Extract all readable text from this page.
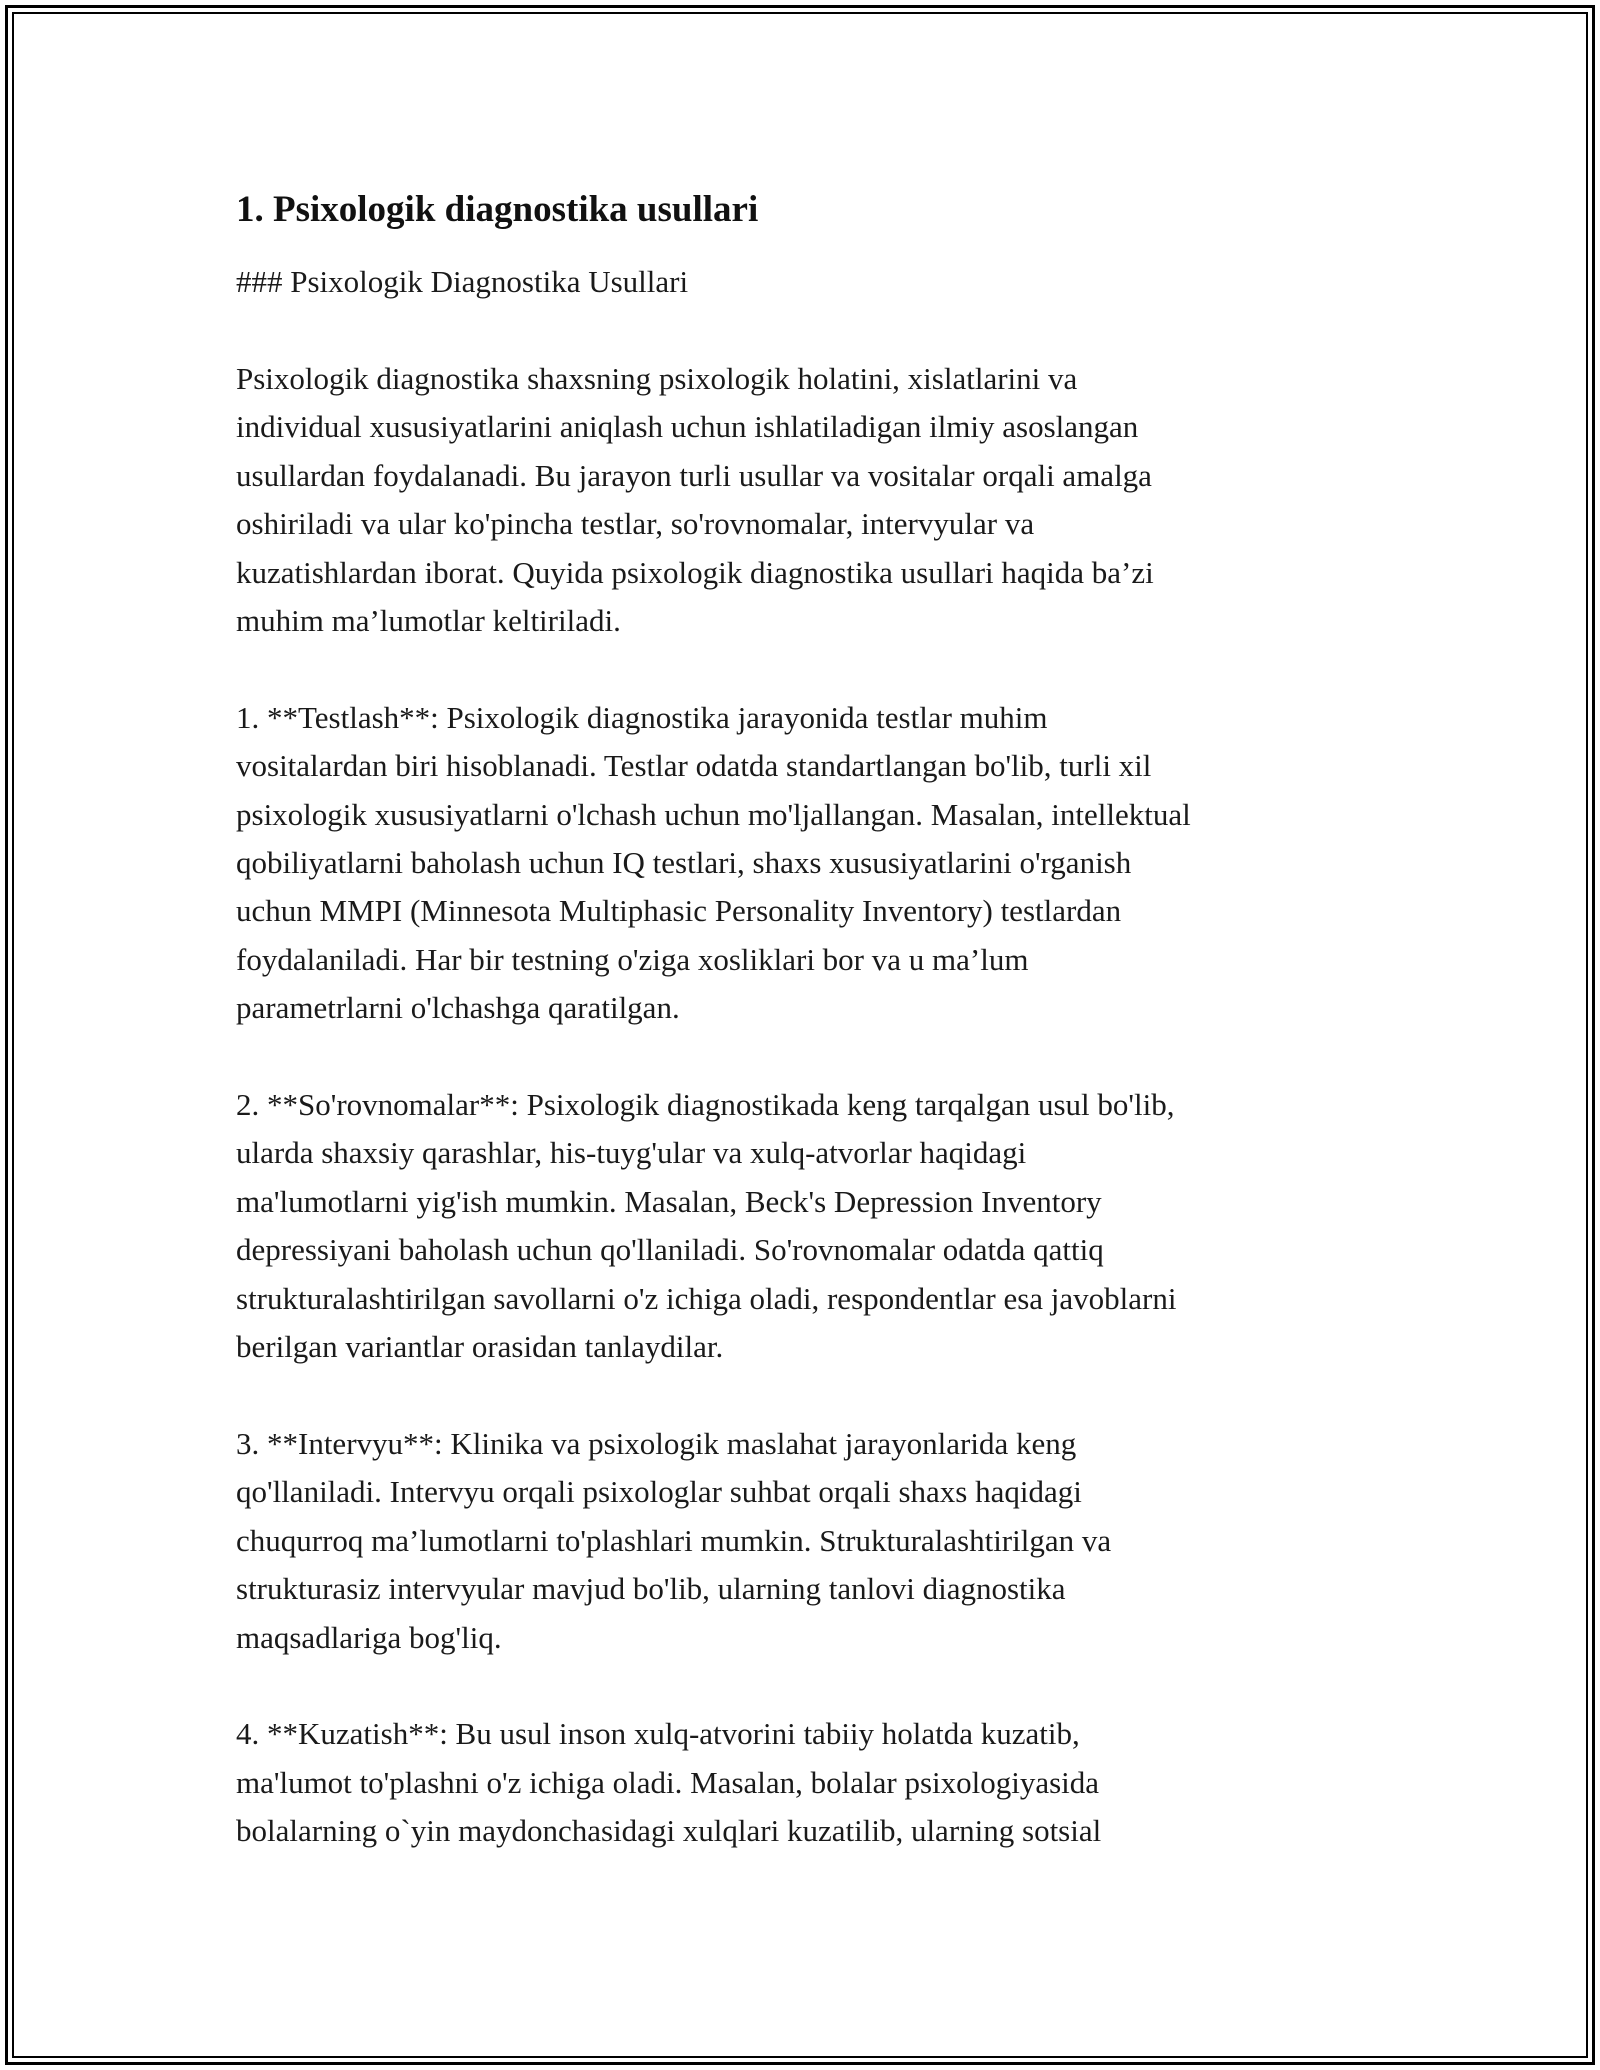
1. Psixologik diagnostika usullari
### Psixologik Diagnostika Usullari
Psixologik diagnostika shaxsning psixologik holatini, xislatlarini va
individual xususiyatlarini aniqlash uchun ishlatiladigan ilmiy asoslangan
usullardan foydalanadi. Bu jarayon turli usullar va vositalar orqali amalga
oshiriladi va ular ko'pincha testlar, so'rovnomalar, intervyular va
kuzatishlardan iborat. Quyida psixologik diagnostika usullari haqida ba’zi
muhim ma’lumotlar keltiriladi.
1. **Testlash**: Psixologik diagnostika jarayonida testlar muhim
vositalardan biri hisoblanadi. Testlar odatda standartlangan bo'lib, turli xil
psixologik xususiyatlarni o'lchash uchun mo'ljallangan. Masalan, intellektual
qobiliyatlarni baholash uchun IQ testlari, shaxs xususiyatlarini o'rganish
uchun MMPI (Minnesota Multiphasic Personality Inventory) testlardan
foydalaniladi. Har bir testning o'ziga xosliklari bor va u ma’lum
parametrlarni o'lchashga qaratilgan.
2. **So'rovnomalar**: Psixologik diagnostikada keng tarqalgan usul bo'lib,
ularda shaxsiy qarashlar, his-tuyg'ular va xulq-atvorlar haqidagi
ma'lumotlarni yig'ish mumkin. Masalan, Beck's Depression Inventory
depressiyani baholash uchun qo'llaniladi. So'rovnomalar odatda qattiq
strukturalashtirilgan savollarni o'z ichiga oladi, respondentlar esa javoblarni
berilgan variantlar orasidan tanlaydilar.
3. **Intervyu**: Klinika va psixologik maslahat jarayonlarida keng
qo'llaniladi. Intervyu orqali psixologlar suhbat orqali shaxs haqidagi
chuqurroq ma’lumotlarni to'plashlari mumkin. Strukturalashtirilgan va
strukturasiz intervyular mavjud bo'lib, ularning tanlovi diagnostika
maqsadlariga bog'liq.
4. **Kuzatish**: Bu usul inson xulq-atvorini tabiiy holatda kuzatib,
ma'lumot to'plashni o'z ichiga oladi. Masalan, bolalar psixologiyasida
bolalarning o`yin maydonchasidagi xulqlari kuzatilib, ularning sotsial
